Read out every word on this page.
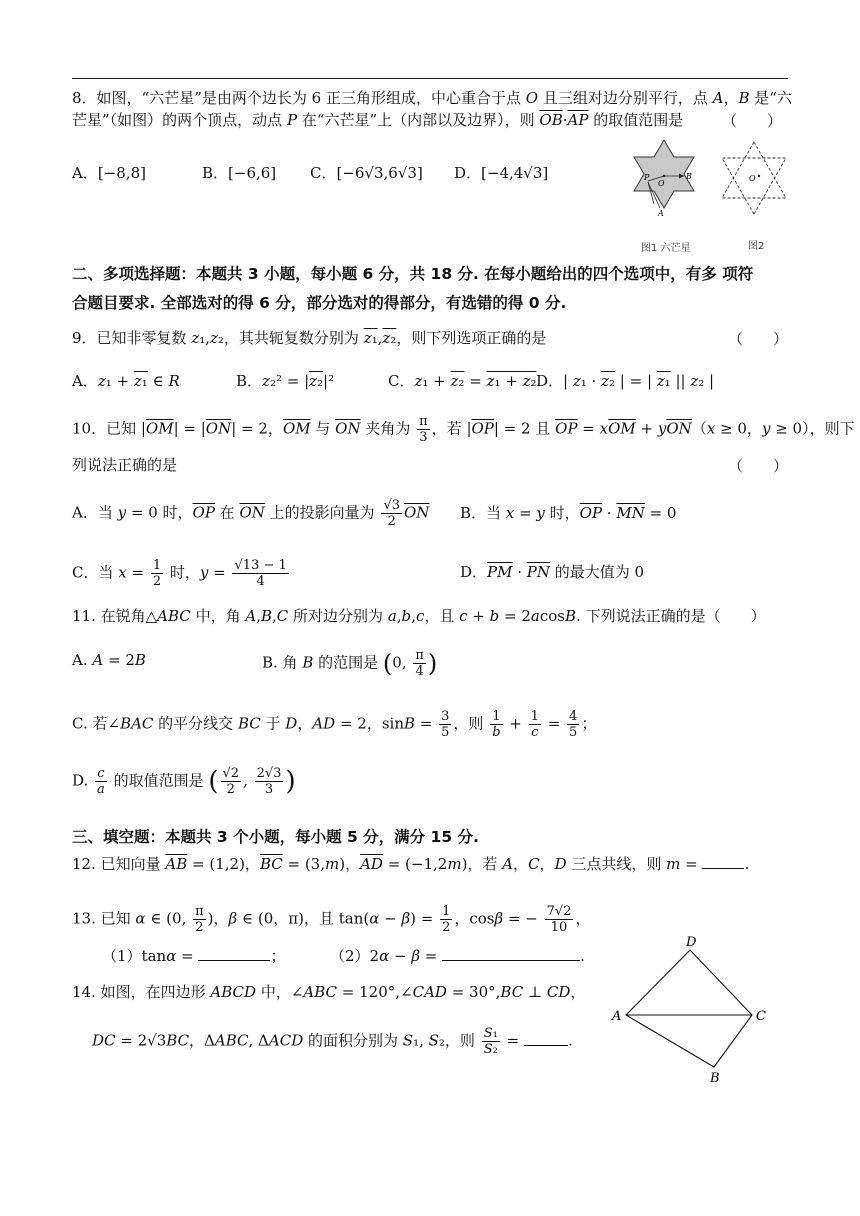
8．如图，“六芒星”是由两个边长为 6 正三角形组成，中心重合于点 O 且三组对边分别平行，点 A，B 是“六
芒星”（如图）的两个顶点，动点 P 在“六芒星”上（内部以及边界），则 $\overline{OB}\cdot\overline{AP}$ 的取值范围是	（　　）
A．[−8,8]	B．[−6,6] C．[−6√3,6√3] D．[−4,4√3]	P
O
B
A
O
图1 六芒星	图2
二、多项选择题：本题共 3 小题，每小题 6 分，共 18 分. 在每小题给出的四个选项中，有多 项符
合题目要求. 全部选对的得 6 分，部分选对的得部分，有选错的得 0 分.
9．已知非零复数 z₁,z₂，其共轭复数分别为 z₁,z₂，则下列选项正确的是	（　　）
A．z₁ + z₁ ∈ R	B．z₂² = |z₂|²	C．z₁ + z₂ = z₁ + z₂ D．| z₁ · z₂ | = | z₁ || z₂ |
10．已知 $|\overline{OM}| = |\overline{ON}| = 2$，$\overline{OM}$ 与 $\overline{ON}$ 夹角为 $\frac{\pi}{3}$ ，若 $|\overline{OP}| = 2$ 且 $\overline{OP} = x\overline{OM} + y\overline{ON}(x \ge 0$，y ≥ 0），则下
列说法正确的是	（　　）
A．当 y = 0 时，$\overline{OP}$ 在 $\overline{ON}$ 上的投影向量为 $\frac{√3}{2} \overline{ON}$ B．当 x = y 时，$\overline{OP} \cdot \overline{MN} = 0$
C．当 $x = \frac{1}{2}$ 时，$y = \frac{√13 - 1}{4}$	D．$\overline{PM} \cdot \overline{PN}$ 的最大值为 0
11. 在锐角△ABC 中，角 A,B,C 所对边分别为 a,b,c，且 c + b = 2acosB. 下列说法正确的是（　　）
A. A = 2B	B. 角 B 的范围是 (0, $\frac{\pi}{4}$ )
C. 若∠BAC 的平分线交 BC 于 D，AD = 2，$\sin B = \frac{3}{5}$ ，则 $\frac{1}{b} + \frac{1}{c} = \frac{4}{5}$ ；
D. $\frac{c}{a}$ 的取值范围是 ( $\frac{√2}{2}$ , $\frac{2√3}{3}$ )
三、填空题：本题共 3 个小题，每小题 5 分，满分 15 分.
12. 已知向量 $\overline{AB} = (1,2)$，$\overline{BC} = (3,m)$，$\overline{AD} = (-1,2m)$，若 A，C，D 三点共线，则 m =	.
13. 已知 α ∈ (0, $\frac{\pi}{2}$ )，β ∈ (0，π)，且 $\tan(\alpha - \beta) = \frac{1}{2}$ ，cosβ = − $\frac{7√2}{10}$ ，
（1）tanα =	；	（2）2α − β =	.
14. 如图，在四边形 ABCD 中，∠ABC = 120°,∠CAD = 30°,BC ⊥ CD，
DC = 2√3BC，ΔABC, ΔACD 的面积分别为 S₁, S₂，则 $\frac{\text{S₁}}{\text{S₂}}$ =	.
D
A	C
B
